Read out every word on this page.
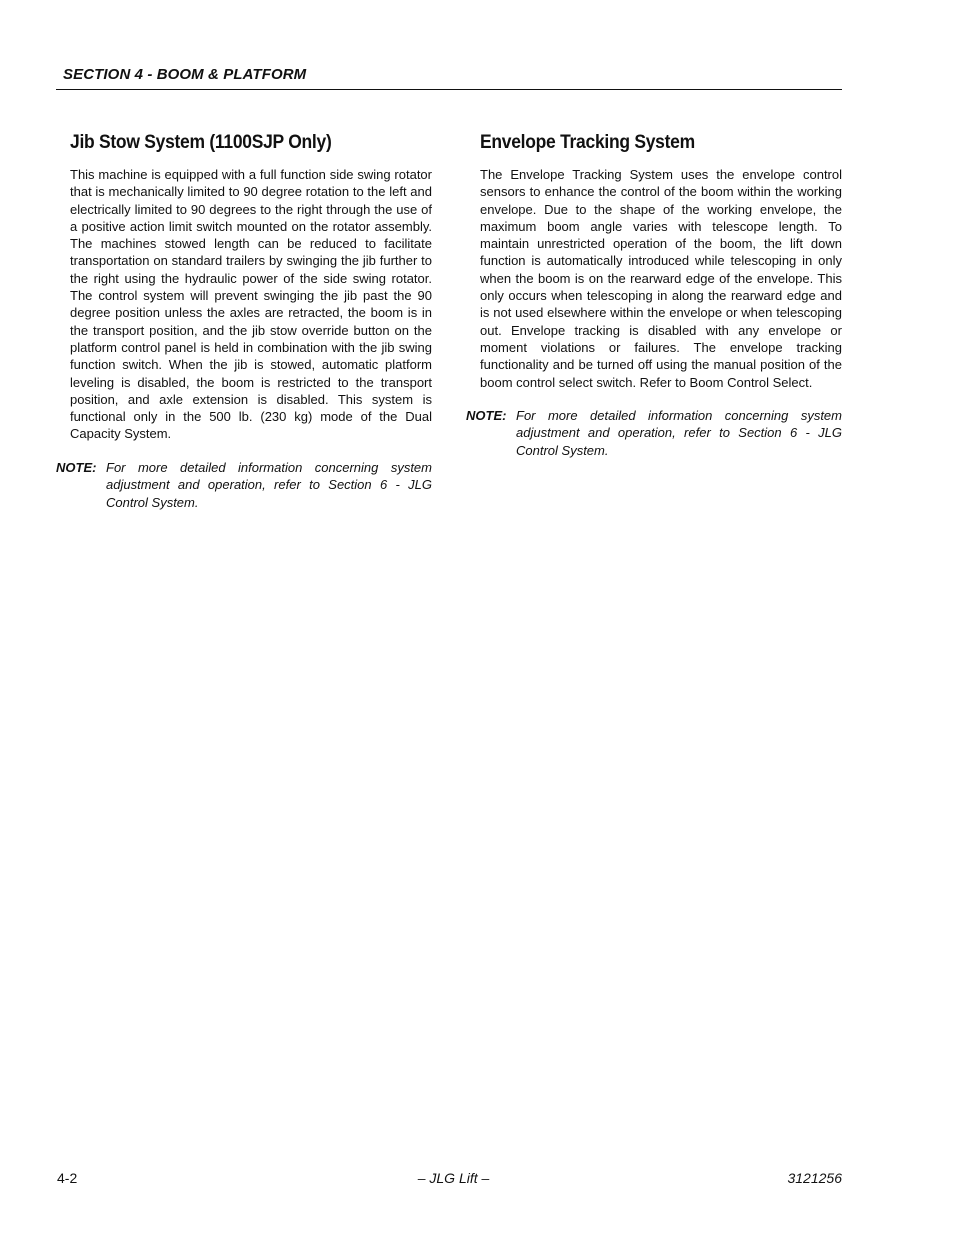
SECTION 4 - BOOM & PLATFORM
Jib Stow System (1100SJP Only)

This machine is equipped with a full function side swing rotator that is mechanically limited to 90 degree rotation to the left and electrically limited to 90 degrees to the right through the use of a positive action limit switch mounted on the rotator assembly. The machines stowed length can be reduced to facilitate transportation on standard trailers by swinging the jib further to the right using the hydraulic power of the side swing rotator. The control system will prevent swinging the jib past the 90 degree position unless the axles are retracted, the boom is in the transport position, and the jib stow override button on the platform control panel is held in combination with the jib swing function switch. When the jib is stowed, automatic platform leveling is disabled, the boom is restricted to the transport position, and axle extension is disabled. This system is functional only in the 500 lb. (230 kg) mode of the Dual Capacity System.

NOTE: For more detailed information concerning system adjustment and operation, refer to Section 6 - JLG Control System.
Envelope Tracking System

The Envelope Tracking System uses the envelope control sensors to enhance the control of the boom within the working envelope. Due to the shape of the working envelope, the maximum boom angle varies with telescope length. To maintain unrestricted operation of the boom, the lift down function is automatically introduced while telescoping in only when the boom is on the rearward edge of the envelope. This only occurs when telescoping in along the rearward edge and is not used elsewhere within the envelope or when telescoping out. Envelope tracking is disabled with any envelope or moment violations or failures. The envelope tracking functionality and be turned off using the manual position of the boom control select switch. Refer to Boom Control Select.

NOTE: For more detailed information concerning system adjustment and operation, refer to Section 6 - JLG Control System.
4-2	– JLG Lift –	3121256
